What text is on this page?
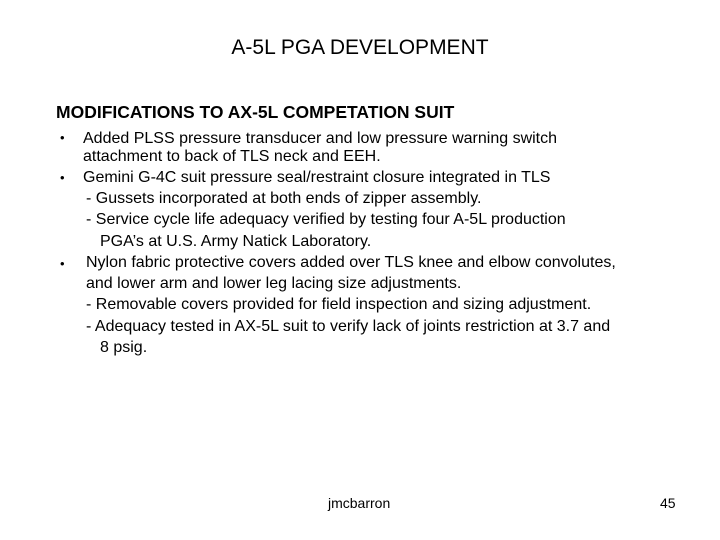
A-5L PGA DEVELOPMENT
MODIFICATIONS TO AX-5L COMPETATION SUIT
• Added PLSS pressure transducer and low pressure warning switch
attachment to back of TLS neck and EEH.
• Gemini G-4C suit pressure seal/restraint closure integrated in TLS
- Gussets incorporated at both ends of zipper assembly.
- Service cycle life adequacy verified by testing four A-5L production
PGA’s at U.S. Army Natick Laboratory.
• Nylon fabric protective covers added over TLS knee and elbow convolutes,
and lower arm and lower leg lacing size adjustments.
- Removable covers provided for field inspection and sizing adjustment.
- Adequacy tested in AX-5L suit to verify lack of joints restriction at 3.7 and
8 psig.
jmcbarron	45
